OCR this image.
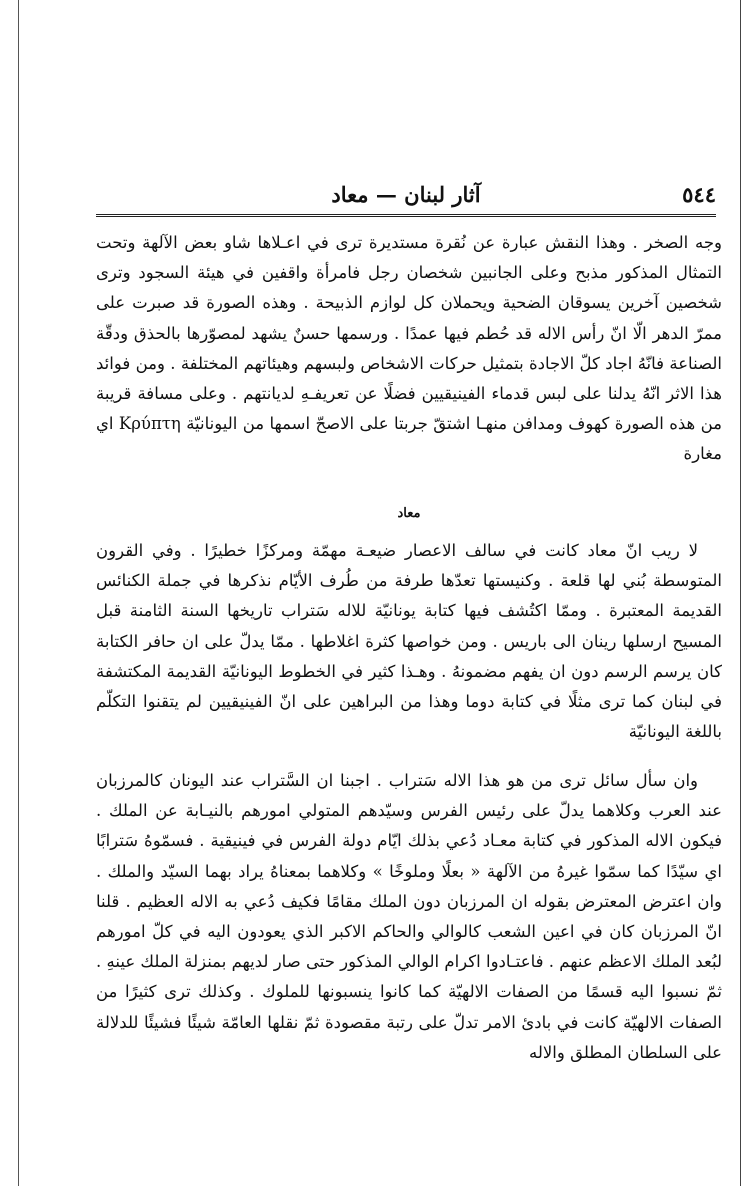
٥٤٤
آثار لبنان — معاد

وجه الصخر . وهذا النقش عبارة عن نُقرة مستديرة ترى في اعـلاها شاو بعض الآلهة وتحت التمثال المذكور مذبح وعلى الجانبين شخصان رجل فامرأة واقفين في هيئة السجود وترى شخصين آخرين يسوقان الضحية ويحملان كل لوازم الذبيحة . وهذه الصورة قد صبرت على ممرّ الدهر الّا انّ رأس الاله قد حُطم فيها عمدًا . ورسمها حسنٌ يشهد لمصوّرها بالحذق ودقّة الصناعة فانّهُ اجاد كلّ الاجادة بتمثيل حركات الاشخاص ولبسهم وهيئاتهم المختلفة . ومن فوائد هذا الاثر انّهُ يدلنا على لبس قدماء الفينيقيين فضلًا عن تعريفـهِ لديانتهم . وعلى مسافة قريبة من هذه الصورة كهوف ومدافن منهـا اشتقّ جربتا على الاصحّ اسمها من اليونانيّة Κρύπτη اي مغارة

معاد

لا ريب انّ معاد كانت في سالف الاعصار ضيعـة مهمّة ومركزًا خطيرًا . وفي القرون المتوسطة بُني لها قلعة . وكنيستها تعدّها طرفة من طُرف الأيّام نذكرها في جملة الكنائس القديمة المعتبرة . وممّا اكتُشف فيها كتابة يونانيّة للاله سَتراب تاريخها السنة الثامنة قبل المسيح ارسلها رينان الى باريس . ومن خواصها كثرة اغلاطها . ممّا يدلّ على ان حافر الكتابة كان يرسم الرسم دون ان يفهم مضمونهُ . وهـذا كثير في الخطوط اليونانيّة القديمة المكتشفة في لبنان كما ترى مثلًا في كتابة دوما وهذا من البراهين على انّ الفينيقيين لم يتقنوا التكلّم باللغة اليونانيّة

وان سأل سائل ترى من هو هذا الاله سَتراب . اجبنا ان السَّتراب عند اليونان كالمرزبان عند العرب وكلاهما يدلّ على رئيس الفرس وسيّدهم المتولي امورهم بالنيـابة عن الملك . فيكون الاله المذكور في كتابة معـاد دُعي بذلك ايّام دولة الفرس في فينيقية . فسمّوهُ سَترابًا اي سيّدًا كما سمّوا غيرهُ من الآلهة « بعلًا وملوخًا » وكلاهما بمعناهُ يراد بهما السيّد والملك . وان اعترض المعترض بقوله ان المرزبان دون الملك مقامًا فكيف دُعي به الاله العظيم . قلنا انّ المرزبان كان في اعين الشعب كالوالي والحاكم الاكبر الذي يعودون اليه في كلّ امورهم لبُعد الملك الاعظم عنهم . فاعتـادوا اكرام الوالي المذكور حتى صار لديهم بمنزلة الملك عينهِ . ثمّ نسبوا اليه قسمًا من الصفات الالهيّة كما كانوا ينسبونها للملوك . وكذلك ترى كثيرًا من الصفات الالهيّة كانت في بادئ الامر تدلّ على رتبة مقصودة ثمّ نقلها العامّة شيئًا فشيئًا للدلالة على السلطان المطلق والاله
